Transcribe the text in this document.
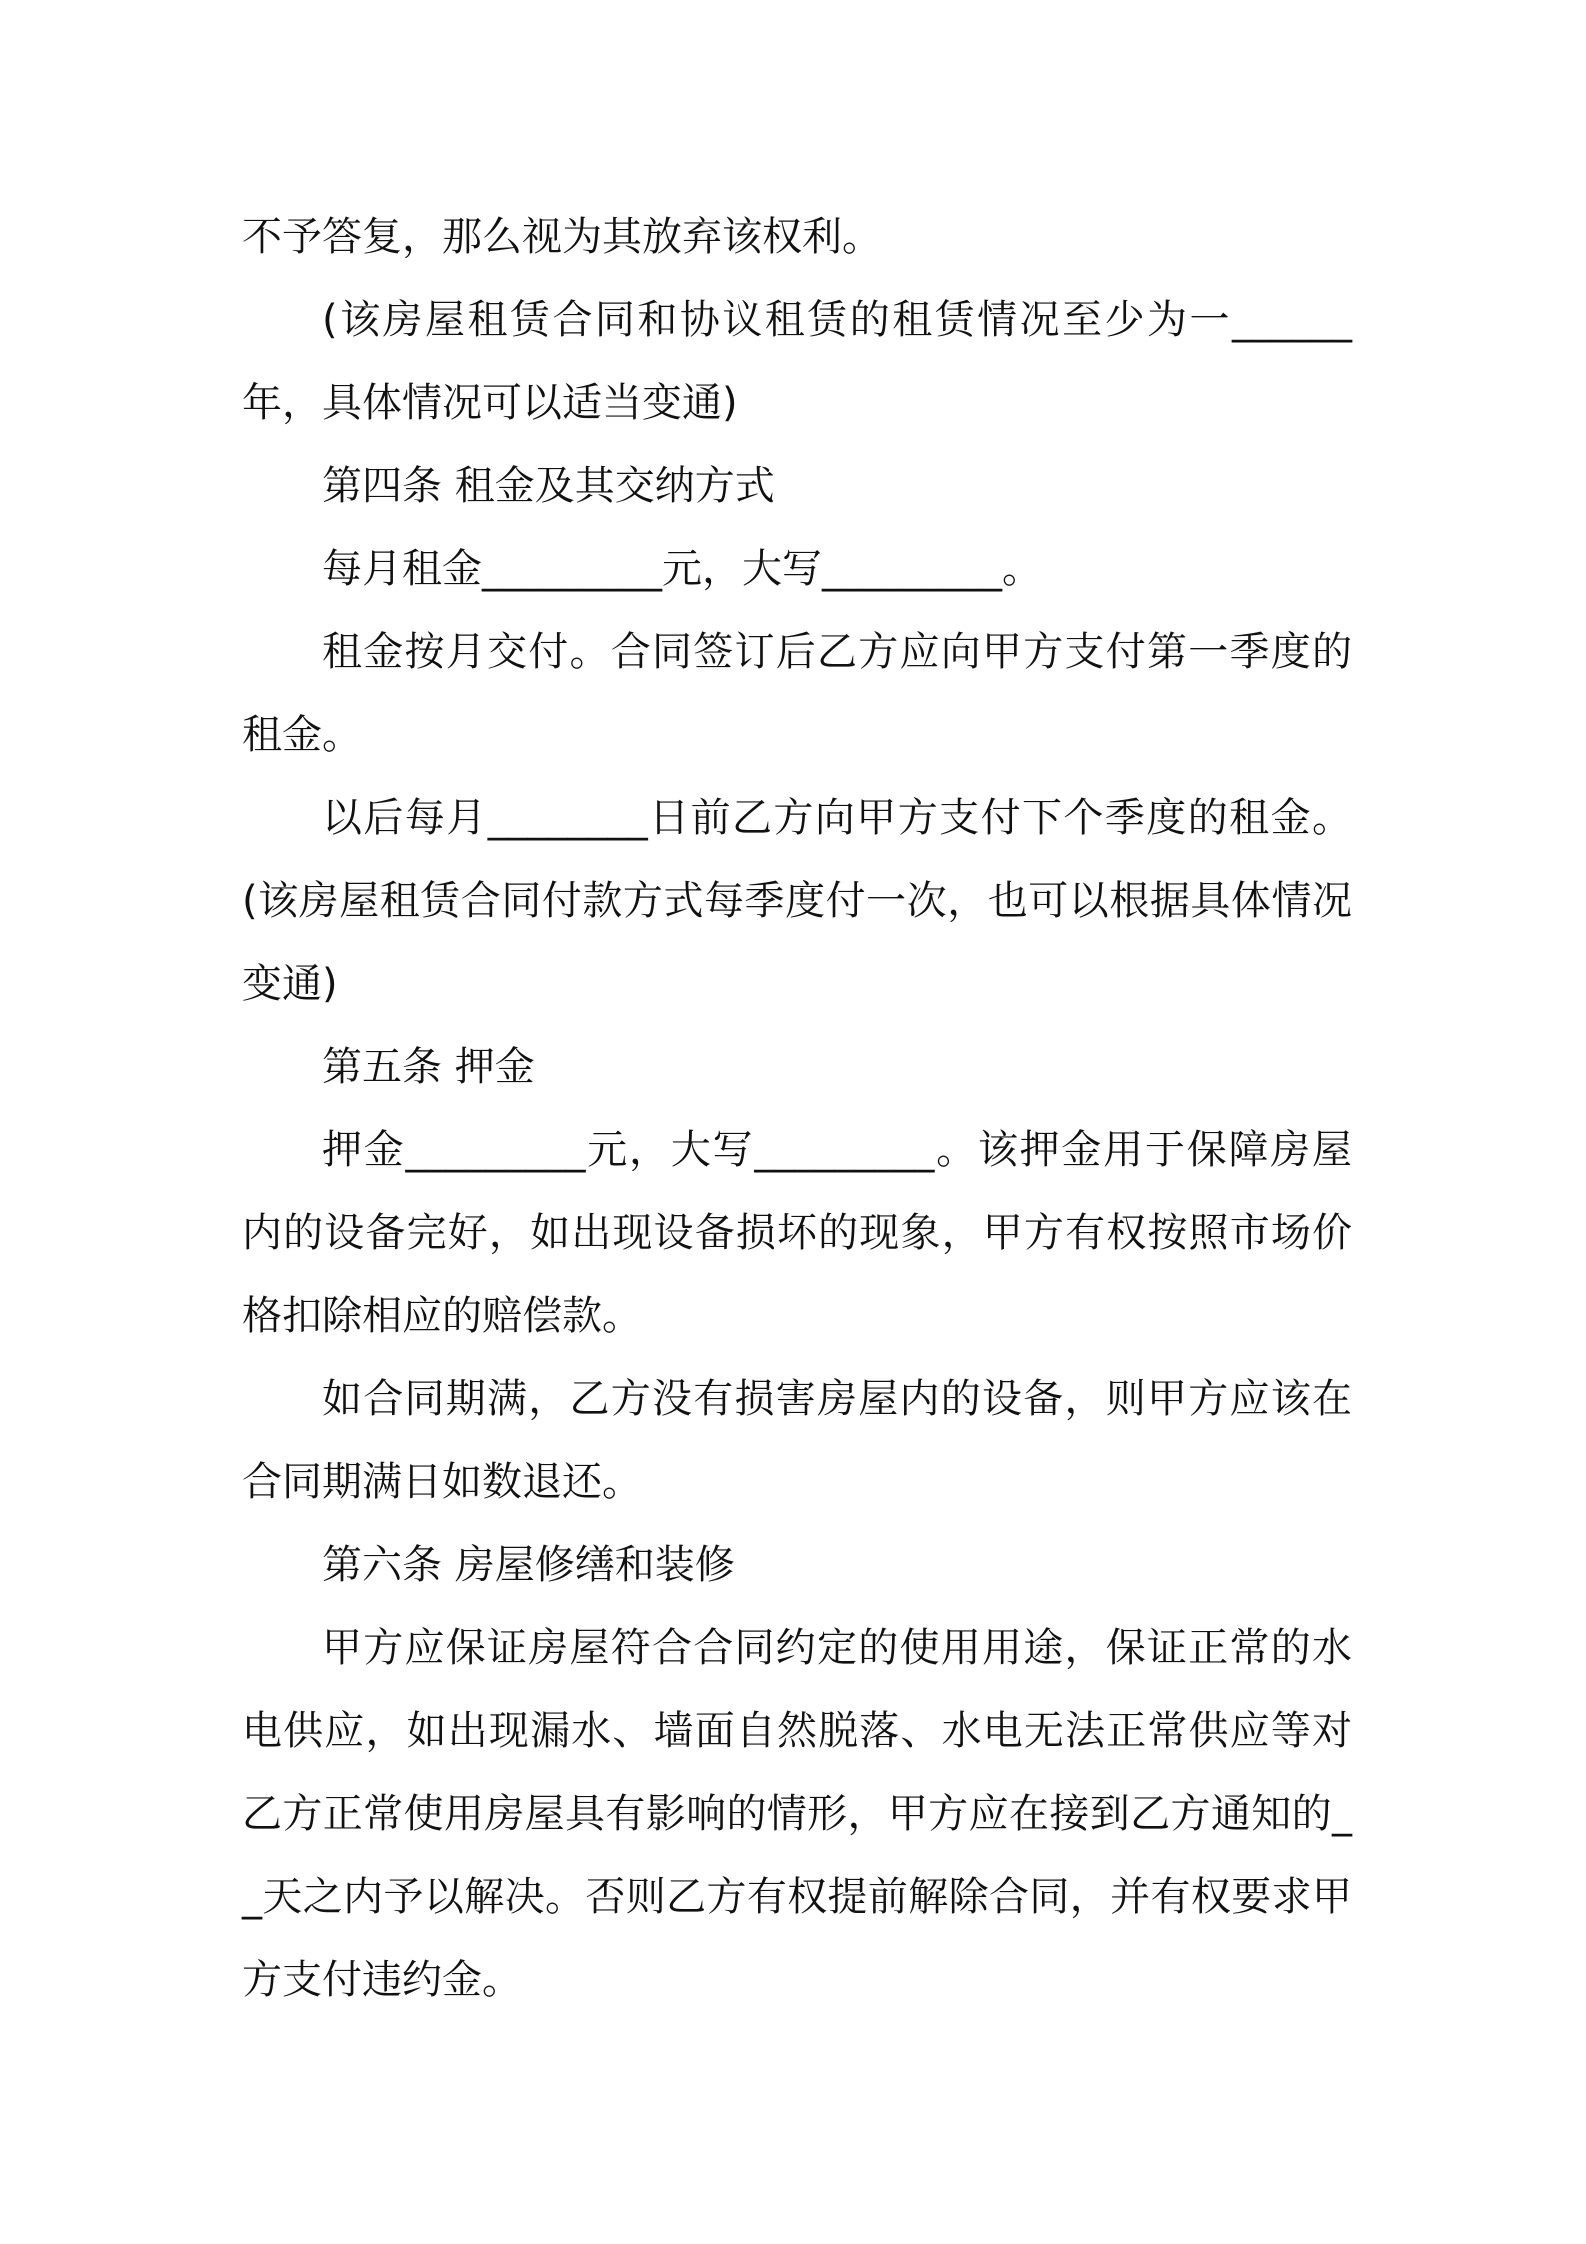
不予答复，那么视为其放弃该权利。

(该房屋租赁合同和协议租赁的租赁情况至少为一______年，具体情况可以适当变通)

第四条 租金及其交纳方式

每月租金_________元，大写_________。

租金按月交付。合同签订后乙方应向甲方支付第一季度的租金。

以后每月________日前乙方向甲方支付下个季度的租金。(该房屋租赁合同付款方式每季度付一次，也可以根据具体情况变通)

第五条 押金

押金_________元，大写_________。该押金用于保障房屋内的设备完好，如出现设备损坏的现象，甲方有权按照市场价格扣除相应的赔偿款。

如合同期满，乙方没有损害房屋内的设备，则甲方应该在合同期满日如数退还。

第六条 房屋修缮和装修

甲方应保证房屋符合合同约定的使用用途，保证正常的水电供应，如出现漏水、墙面自然脱落、水电无法正常供应等对乙方正常使用房屋具有影响的情形，甲方应在接到乙方通知的__天之内予以解决。否则乙方有权提前解除合同，并有权要求甲方支付违约金。
